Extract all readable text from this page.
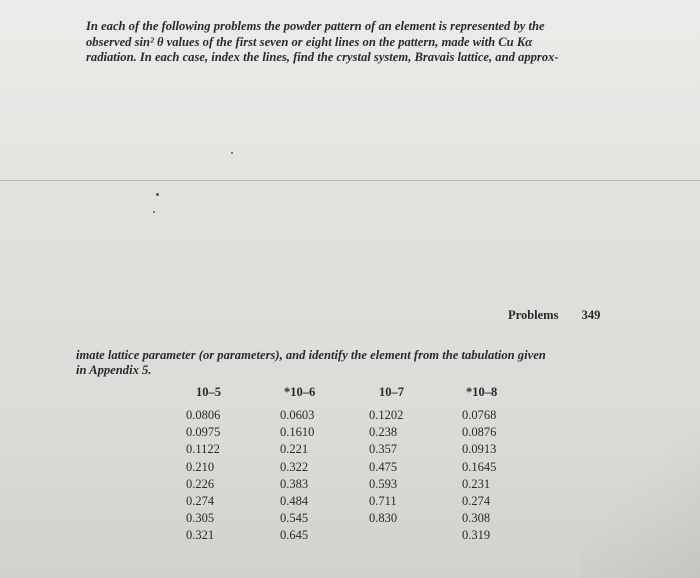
In each of the following problems the powder pattern of an element is represented by the
observed sin² θ values of the first seven or eight lines on the pattern, made with Cu Kα
radiation. In each case, index the lines, find the crystal system, Bravais lattice, and approx-
Problems 349
imate lattice parameter (or parameters), and identify the element from the tabulation given
in Appendix 5.
10–5
0.0806
0.0975
0.1122
0.210
0.226
0.274
0.305
0.321
*10–6
0.0603
0.1610
0.221
0.322
0.383
0.484
0.545
0.645
10–7
0.1202
0.238
0.357
0.475
0.593
0.711
0.830
*10–8
0.0768
0.0876
0.0913
0.1645
0.231
0.274
0.308
0.319
